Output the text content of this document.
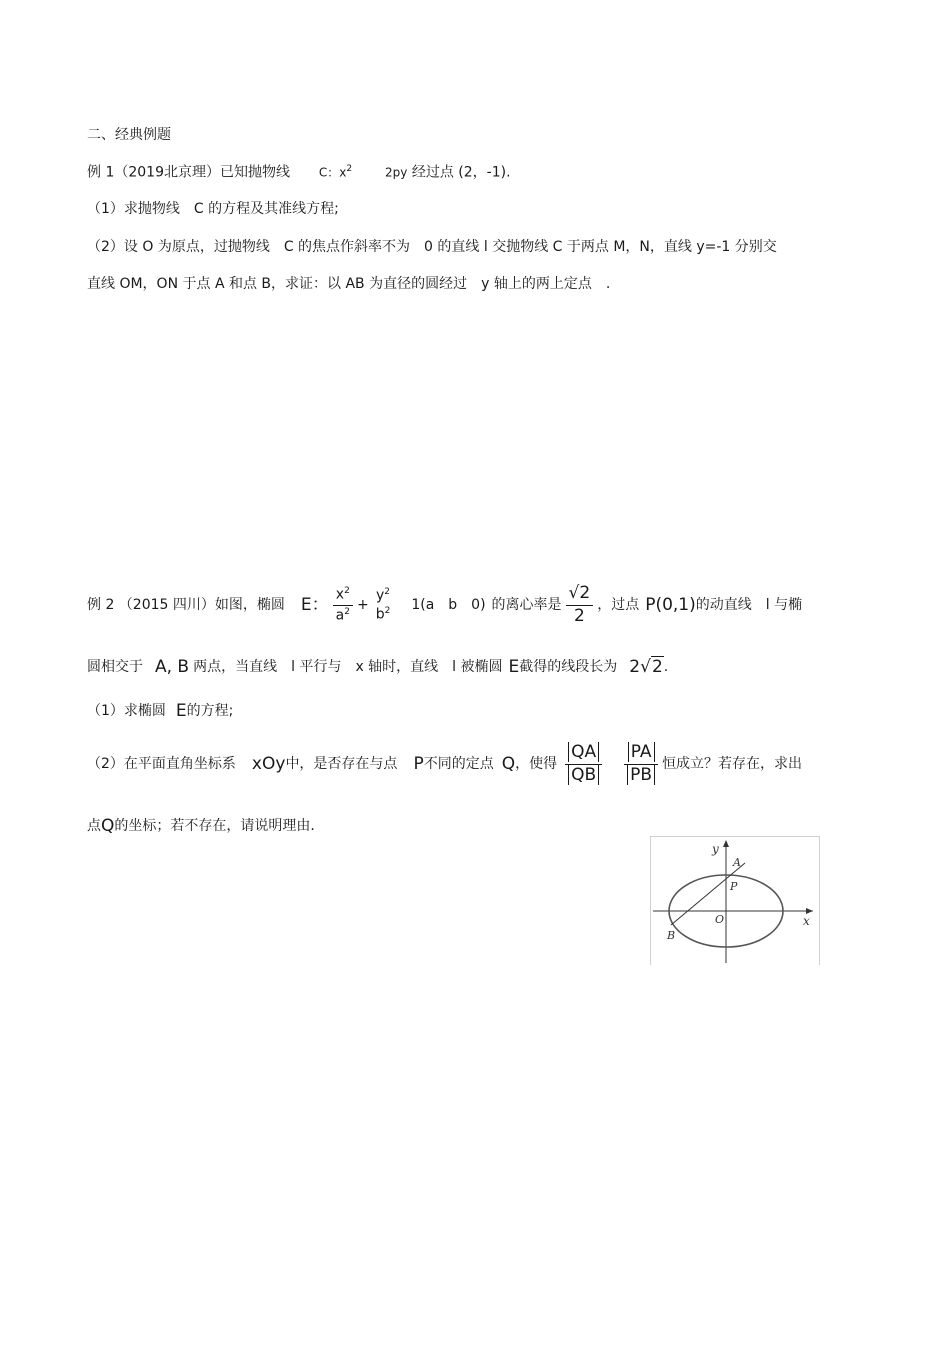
二、经典例题
例 1（2019北京理）已知抛物线 C：$x^2$	2py 经过点 (2，-1).
（1）求抛物线　C 的方程及其准线方程;
（2）设 O 为原点，过抛物线　C 的焦点作斜率不为　0 的直线 l 交抛物线 C 于两点 M，N，直线 y=-1 分别交
直线 OM，ON 于点 A 和点 B，求证：以 AB 为直径的圆经过　y 轴上的两上定点　.
例 2 （2015 四川）如图，椭圆 E： $\frac{x^2}{a^2}$ +
$y^2$
$b^2$ 1(a　b　0) 的离心率是 $\frac{√2}{2}$ ，过点 P(0,1) 的动直线　l 与椭
圆相交于 A, B 两点，当直线　l 平行与　x 轴时，直线　l 被椭圆 E 截得的线段长为 2 √2 .
（1）求椭圆 E 的方程;
（2）在平面直角坐标系 xOy 中，是否存在与点 P 不同的定点 Q ，使得 $\frac{QA}{QB} \frac{PA}{PB}$ 恒成立？若存在，求出
点 Q 的坐标；若不存在，请说明理由.
y
x
A
P
O
B
